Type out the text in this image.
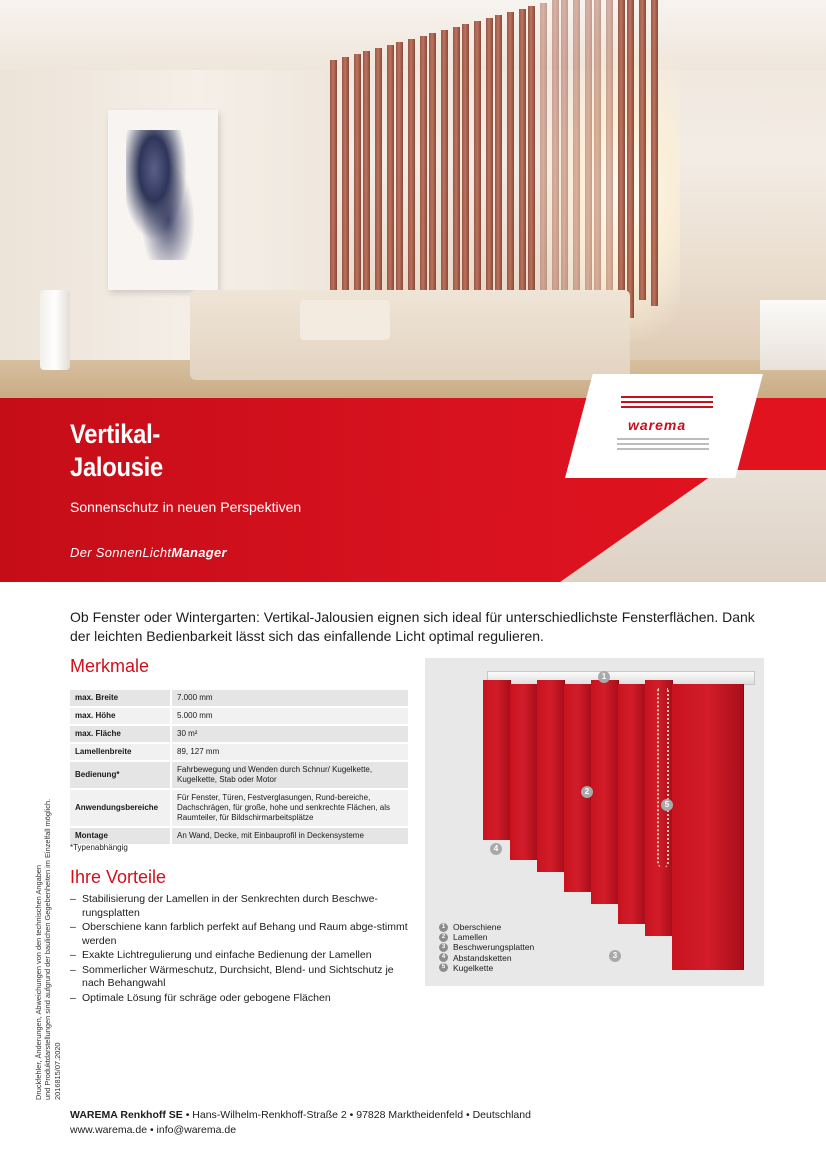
Vertikal-
Jalousie
Sonnenschutz in neuen Perspektiven
Der SonnenLichtManager
warema

Ob Fenster oder Wintergarten: Vertikal-Jalousien eignen sich ideal für unterschiedlichste Fensterflächen. Dank der leichten Bedienbarkeit lässt sich das einfallende Licht optimal regulieren.

Merkmale
max. Breite	7.000 mm
max. Höhe	5.000 mm
max. Fläche	30 m²
Lamellenbreite	89, 127 mm
Bedienung*	Fahrbewegung und Wenden durch Schnur/ Kugelkette, Kugelkette, Stab oder Motor
Anwendungsbereiche	Für Fenster, Türen, Festverglasungen, Rund-bereiche, Dachschrägen, für große, hohe und senkrechte Flächen, als Raumteiler, für Bildschirmarbeitsplätze
Montage	An Wand, Decke, mit Einbauprofil in Deckensysteme
*Typenabhängig
Ihre Vorteile
– Stabilisierung der Lamellen in der Senkrechten durch Beschwe-rungsplatten
– Oberschiene kann farblich perfekt auf Behang und Raum abge-stimmt werden
– Exakte Lichtregulierung und einfache Bedienung der Lamellen
– Sommerlicher Wärmeschutz, Durchsicht, Blend- und Sichtschutz je nach Behangwahl
– Optimale Lösung für schräge oder gebogene Flächen
1
2
3
4
5
1 Oberschiene
2 Lamellen
3 Beschwerungsplatten
4 Abstandsketten
5 Kugelkette
Druckfehler, Änderungen, Abweichungen von den technischen Angaben und Produktdarstellungen sind aufgrund der baulichen Gegebenheiten im Einzelfall möglich. 2016815/07.2020
WAREMA Renkhoff SE • Hans-Wilhelm-Renkhoff-Straße 2 • 97828 Marktheidenfeld • Deutschland
www.warema.de • info@warema.de
